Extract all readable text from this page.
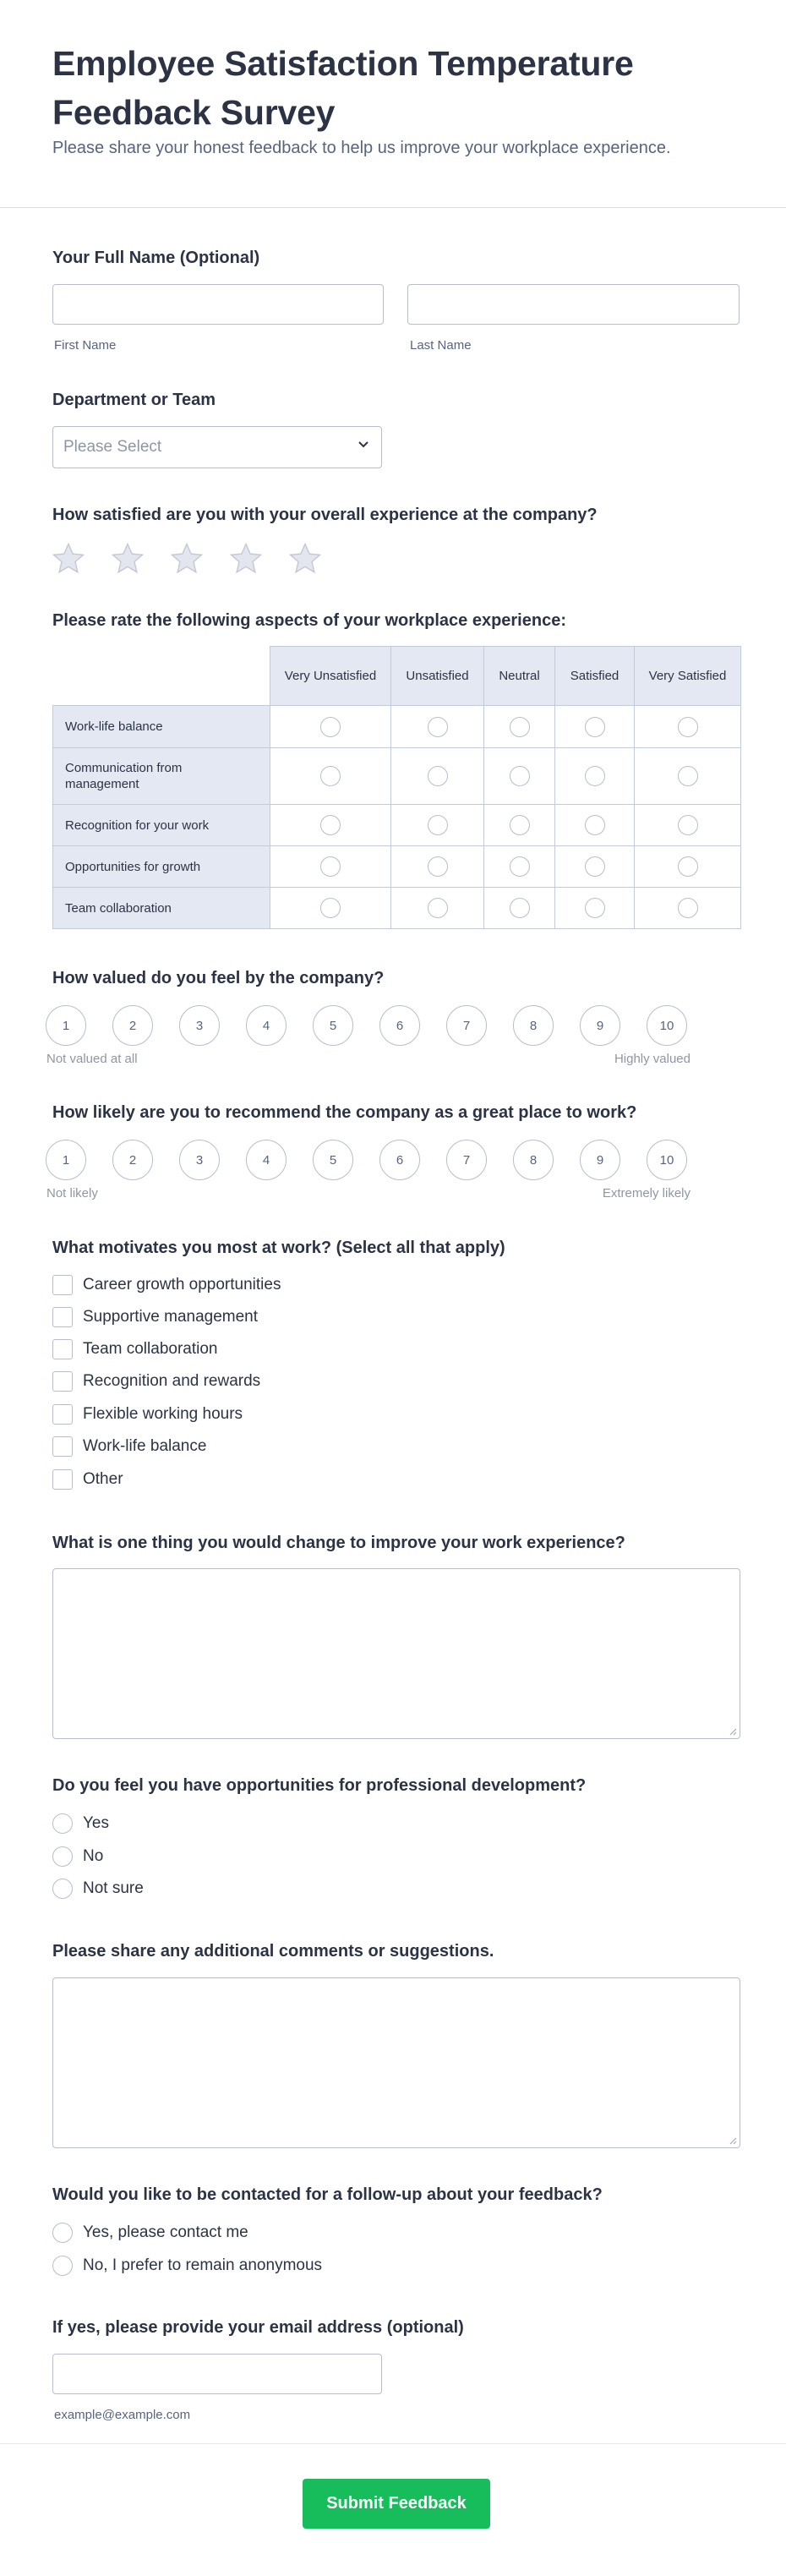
Employee Satisfaction Temperature Feedback Survey

Please share your honest feedback to help us improve your workplace experience.

Your Full Name (Optional)
First Name	Last Name
Department or Team
Please Select
How satisfied are you with your overall experience at the company?
Please rate the following aspects of your workplace experience:
	Very Unsatisfied	Unsatisfied	Neutral	Satisfied	Very Satisfied
Work-life balance					
Communication from management					
Recognition for your work					
Opportunities for growth					
Team collaboration					
How valued do you feel by the company?
1	2	3	4	5	6	7	8	9	10
Not valued at all	Highly valued
How likely are you to recommend the company as a great place to work?
1	2	3	4	5	6	7	8	9	10
Not likely	Extremely likely
What motivates you most at work? (Select all that apply)
Career growth opportunities
Supportive management
Team collaboration
Recognition and rewards
Flexible working hours
Work-life balance
Other
What is one thing you would change to improve your work experience?
Do you feel you have opportunities for professional development?
Yes
No
Not sure
Please share any additional comments or suggestions.
Would you like to be contacted for a follow-up about your feedback?
Yes, please contact me
No, I prefer to remain anonymous
If yes, please provide your email address (optional)
example@example.com
Submit Feedback
